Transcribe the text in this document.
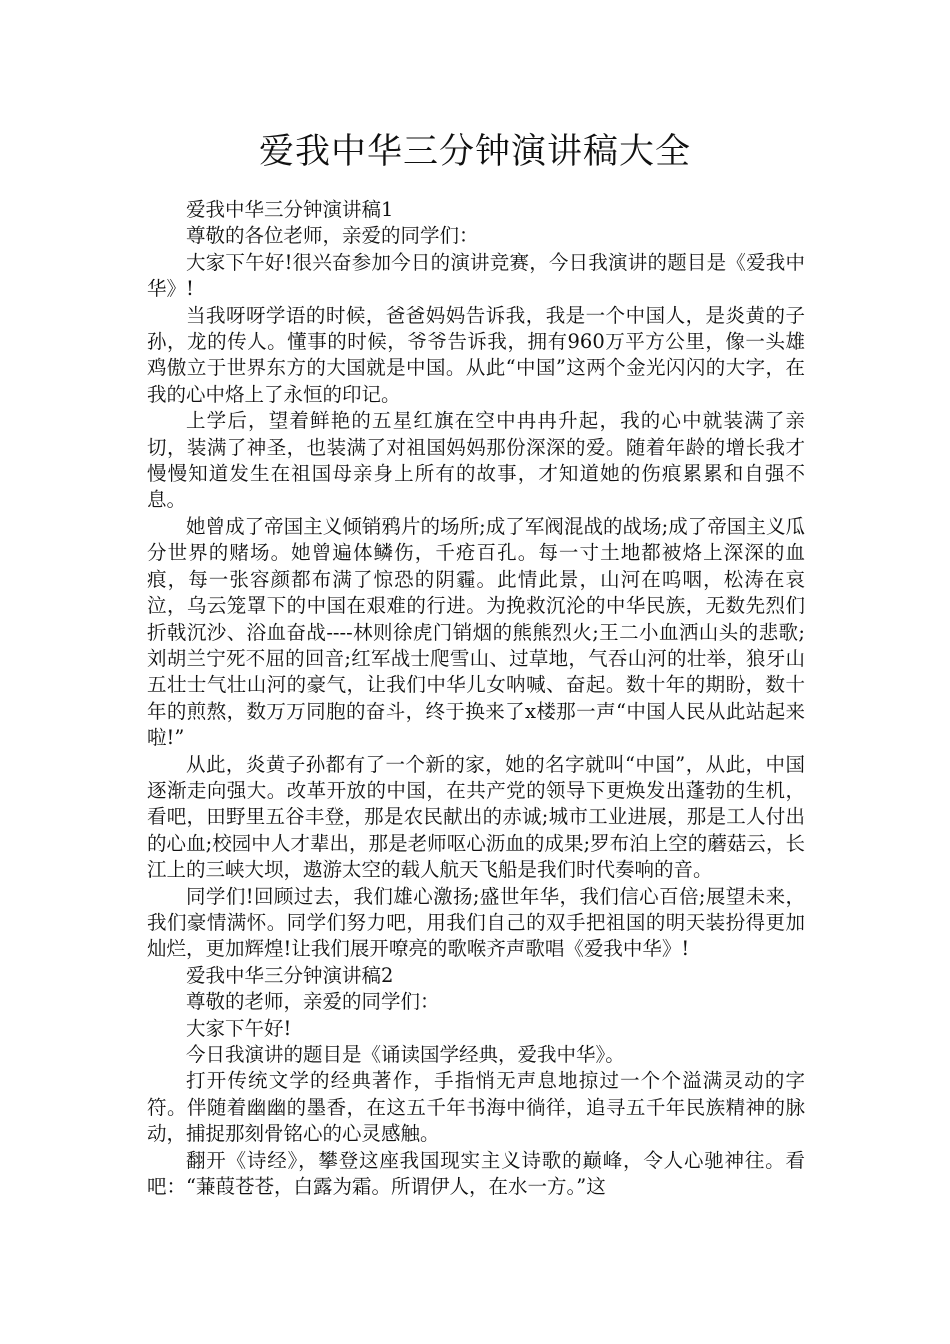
爱我中华三分钟演讲稿大全

爱我中华三分钟演讲稿1

尊敬的各位老师，亲爱的同学们：

大家下午好!很兴奋参加今日的演讲竞赛，今日我演讲的题目是《爱我中华》!

当我呀呀学语的时候，爸爸妈妈告诉我，我是一个中国人，是炎黄的子孙，龙的传人。懂事的时候，爷爷告诉我，拥有960万平方公里，像一头雄鸡傲立于世界东方的大国就是中国。从此“中国”这两个金光闪闪的大字，在我的心中烙上了永恒的印记。

上学后，望着鲜艳的五星红旗在空中冉冉升起，我的心中就装满了亲切，装满了神圣，也装满了对祖国妈妈那份深深的爱。随着年龄的增长我才慢慢知道发生在祖国母亲身上所有的故事，才知道她的伤痕累累和自强不息。

她曾成了帝国主义倾销鸦片的场所;成了军阀混战的战场;成了帝国主义瓜分世界的赌场。她曾遍体鳞伤，千疮百孔。每一寸土地都被烙上深深的血痕，每一张容颜都布满了惊恐的阴霾。此情此景，山河在呜咽，松涛在哀泣，乌云笼罩下的中国在艰难的行进。为挽救沉沦的中华民族，无数先烈们折戟沉沙、浴血奋战----林则徐虎门销烟的熊熊烈火;王二小血洒山头的悲歌;刘胡兰宁死不屈的回音;红军战士爬雪山、过草地，气吞山河的壮举，狼牙山五壮士气壮山河的豪气，让我们中华儿女呐喊、奋起。数十年的期盼，数十年的煎熬，数万万同胞的奋斗，终于换来了x楼那一声“中国人民从此站起来啦!”

从此，炎黄子孙都有了一个新的家，她的名字就叫“中国”，从此，中国逐渐走向强大。改革开放的中国，在共产党的领导下更焕发出蓬勃的生机，看吧，田野里五谷丰登，那是农民献出的赤诚;城市工业进展，那是工人付出的心血;校园中人才辈出，那是老师呕心沥血的成果;罗布泊上空的蘑菇云，长江上的三峡大坝，遨游太空的载人航天飞船是我们时代奏响的音。

同学们!回顾过去，我们雄心激扬;盛世年华，我们信心百倍;展望未来，我们豪情满怀。同学们努力吧，用我们自己的双手把祖国的明天装扮得更加灿烂，更加辉煌!让我们展开嘹亮的歌喉齐声歌唱《爱我中华》!

爱我中华三分钟演讲稿2

尊敬的老师，亲爱的同学们：

大家下午好!

今日我演讲的题目是《诵读国学经典，爱我中华》。

打开传统文学的经典著作，手指悄无声息地掠过一个个溢满灵动的字符。伴随着幽幽的墨香，在这五千年书海中徜徉，追寻五千年民族精神的脉动，捕捉那刻骨铭心的心灵感触。

翻开《诗经》，攀登这座我国现实主义诗歌的巅峰，令人心驰神往。看吧：“蒹葭苍苍，白露为霜。所谓伊人，在水一方。”这
